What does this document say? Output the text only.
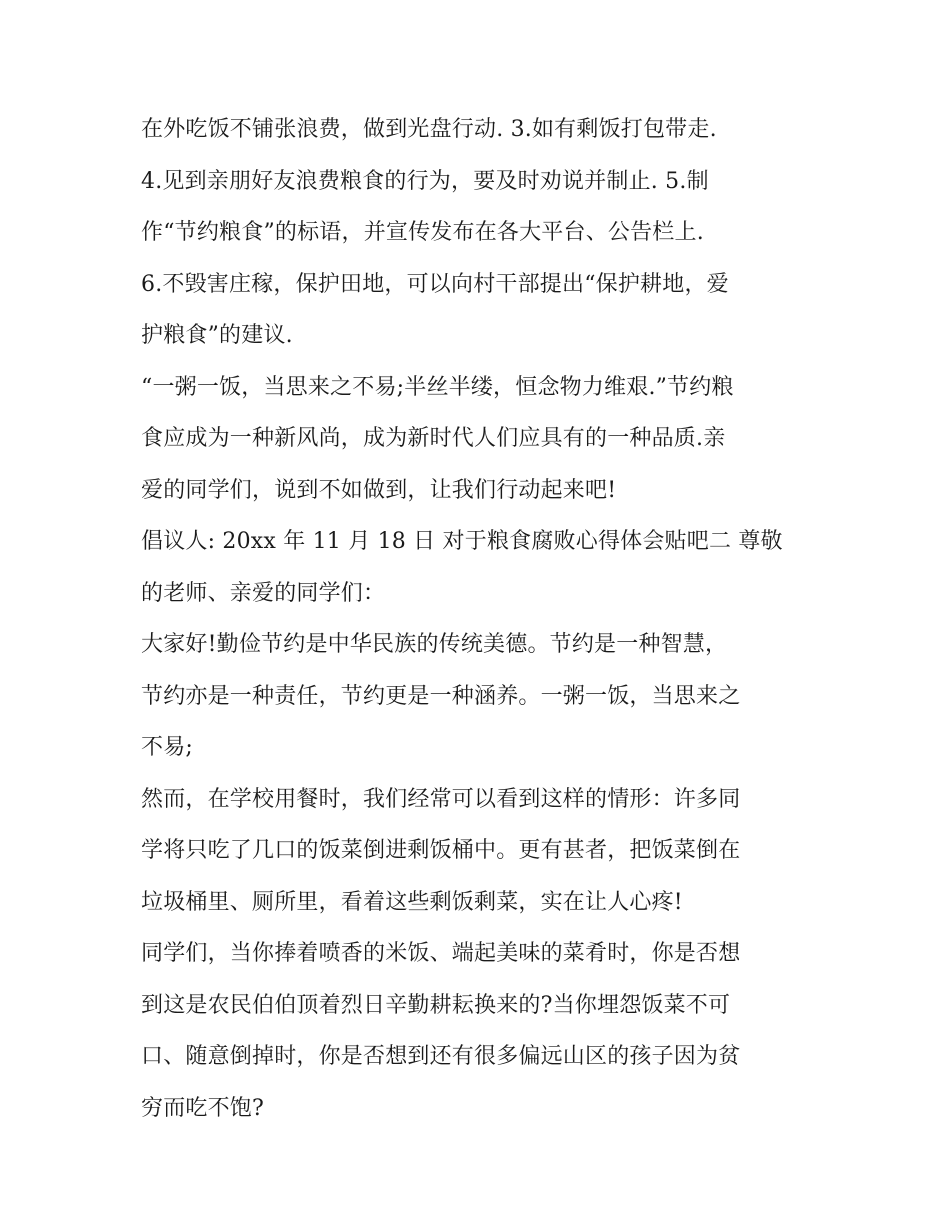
在外吃饭不铺张浪费，做到光盘行动. 3.如有剩饭打包带走.
4.见到亲朋好友浪费粮食的行为，要及时劝说并制止. 5.制
作“节约粮食”的标语，并宣传发布在各大平台、公告栏上.
6.不毁害庄稼，保护田地，可以向村干部提出“保护耕地，爱
护粮食”的建议.
“一粥一饭，当思来之不易;半丝半缕，恒念物力维艰.”节约粮
食应成为一种新风尚，成为新时代人们应具有的一种品质.亲
爱的同学们，说到不如做到，让我们行动起来吧!
倡议人: 20xx 年 11 月 18 日 对于粮食腐败心得体会贴吧二 尊敬
的老师、亲爱的同学们：
大家好!勤俭节约是中华民族的传统美德。节约是一种智慧，
节约亦是一种责任，节约更是一种涵养。一粥一饭，当思来之
不易;
然而，在学校用餐时，我们经常可以看到这样的情形：许多同
学将只吃了几口的饭菜倒进剩饭桶中。更有甚者，把饭菜倒在
垃圾桶里、厕所里，看着这些剩饭剩菜，实在让人心疼!
同学们，当你捧着喷香的米饭、端起美味的菜肴时，你是否想
到这是农民伯伯顶着烈日辛勤耕耘换来的?当你埋怨饭菜不可
口、随意倒掉时，你是否想到还有很多偏远山区的孩子因为贫
穷而吃不饱?
